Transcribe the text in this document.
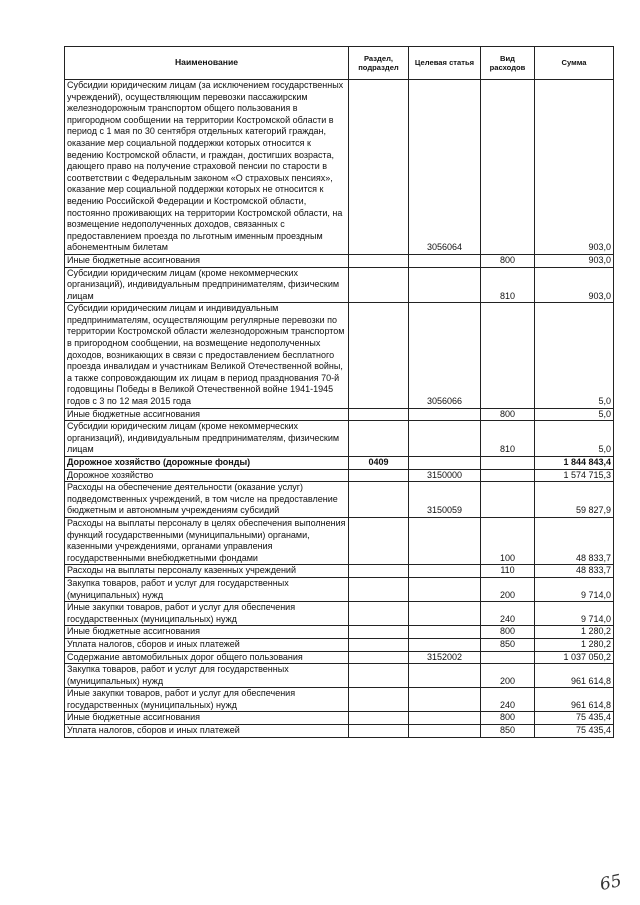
Наименование	Раздел, подраздел	Целевая статья	Вид расходов	Сумма
Субсидии юридическим лицам (за исключением государственных учреждений), осуществляющим перевозки пассажирским железнодорожным транспортом общего пользования в пригородном сообщении на территории Костромской области в период с 1 мая по 30 сентября отдельных категорий граждан, оказание мер социальной поддержки которых относится к ведению Костромской области, и граждан, достигших возраста, дающего право на получение страховой пенсии по старости в соответствии с Федеральным законом «О страховых пенсиях», оказание мер социальной поддержки которых не относится к ведению Российской Федерации и Костромской области, постоянно проживающих на территории Костромской области, на возмещение недополученных доходов, связанных с предоставлением проезда по льготным именным проездным абонементным билетам		3056064		903,0
Иные бюджетные ассигнования			800	903,0
Субсидии юридическим лицам (кроме некоммерческих организаций), индивидуальным предпринимателям, физическим лицам			810	903,0
Субсидии юридическим лицам и индивидуальным предпринимателям, осуществляющим регулярные перевозки по территории Костромской области железнодорожным транспортом в пригородном сообщении, на возмещение недополученных доходов, возникающих в связи с предоставлением бесплатного проезда инвалидам и участникам Великой Отечественной войны, а также сопровождающим их лицам в период празднования 70-й годовщины Победы в Великой Отечественной войне 1941-1945 годов с 3 по 12 мая 2015 года		3056066		5,0
Иные бюджетные ассигнования			800	5,0
Субсидии юридическим лицам (кроме некоммерческих организаций), индивидуальным предпринимателям, физическим лицам			810	5,0
Дорожное хозяйство (дорожные фонды)	0409			1 844 843,4
Дорожное хозяйство		3150000		1 574 715,3
Расходы на обеспечение деятельности (оказание услуг) подведомственных учреждений, в том числе на предоставление бюджетным и автономным учреждениям субсидий		3150059		59 827,9
Расходы на выплаты персоналу в целях обеспечения выполнения функций государственными (муниципальными) органами, казенными учреждениями, органами управления государственными внебюджетными фондами			100	48 833,7
Расходы на выплаты персоналу казенных учреждений			110	48 833,7
Закупка товаров, работ и услуг для государственных (муниципальных) нужд			200	9 714,0
Иные закупки товаров, работ и услуг для обеспечения государственных (муниципальных) нужд			240	9 714,0
Иные бюджетные ассигнования			800	1 280,2
Уплата налогов, сборов и иных платежей			850	1 280,2
Содержание автомобильных дорог общего пользования		3152002		1 037 050,2
Закупка товаров, работ и услуг для государственных (муниципальных) нужд			200	961 614,8
Иные закупки товаров, работ и услуг для обеспечения государственных (муниципальных) нужд			240	961 614,8
Иные бюджетные ассигнования			800	75 435,4
Уплата налогов, сборов и иных платежей			850	75 435,4
65
